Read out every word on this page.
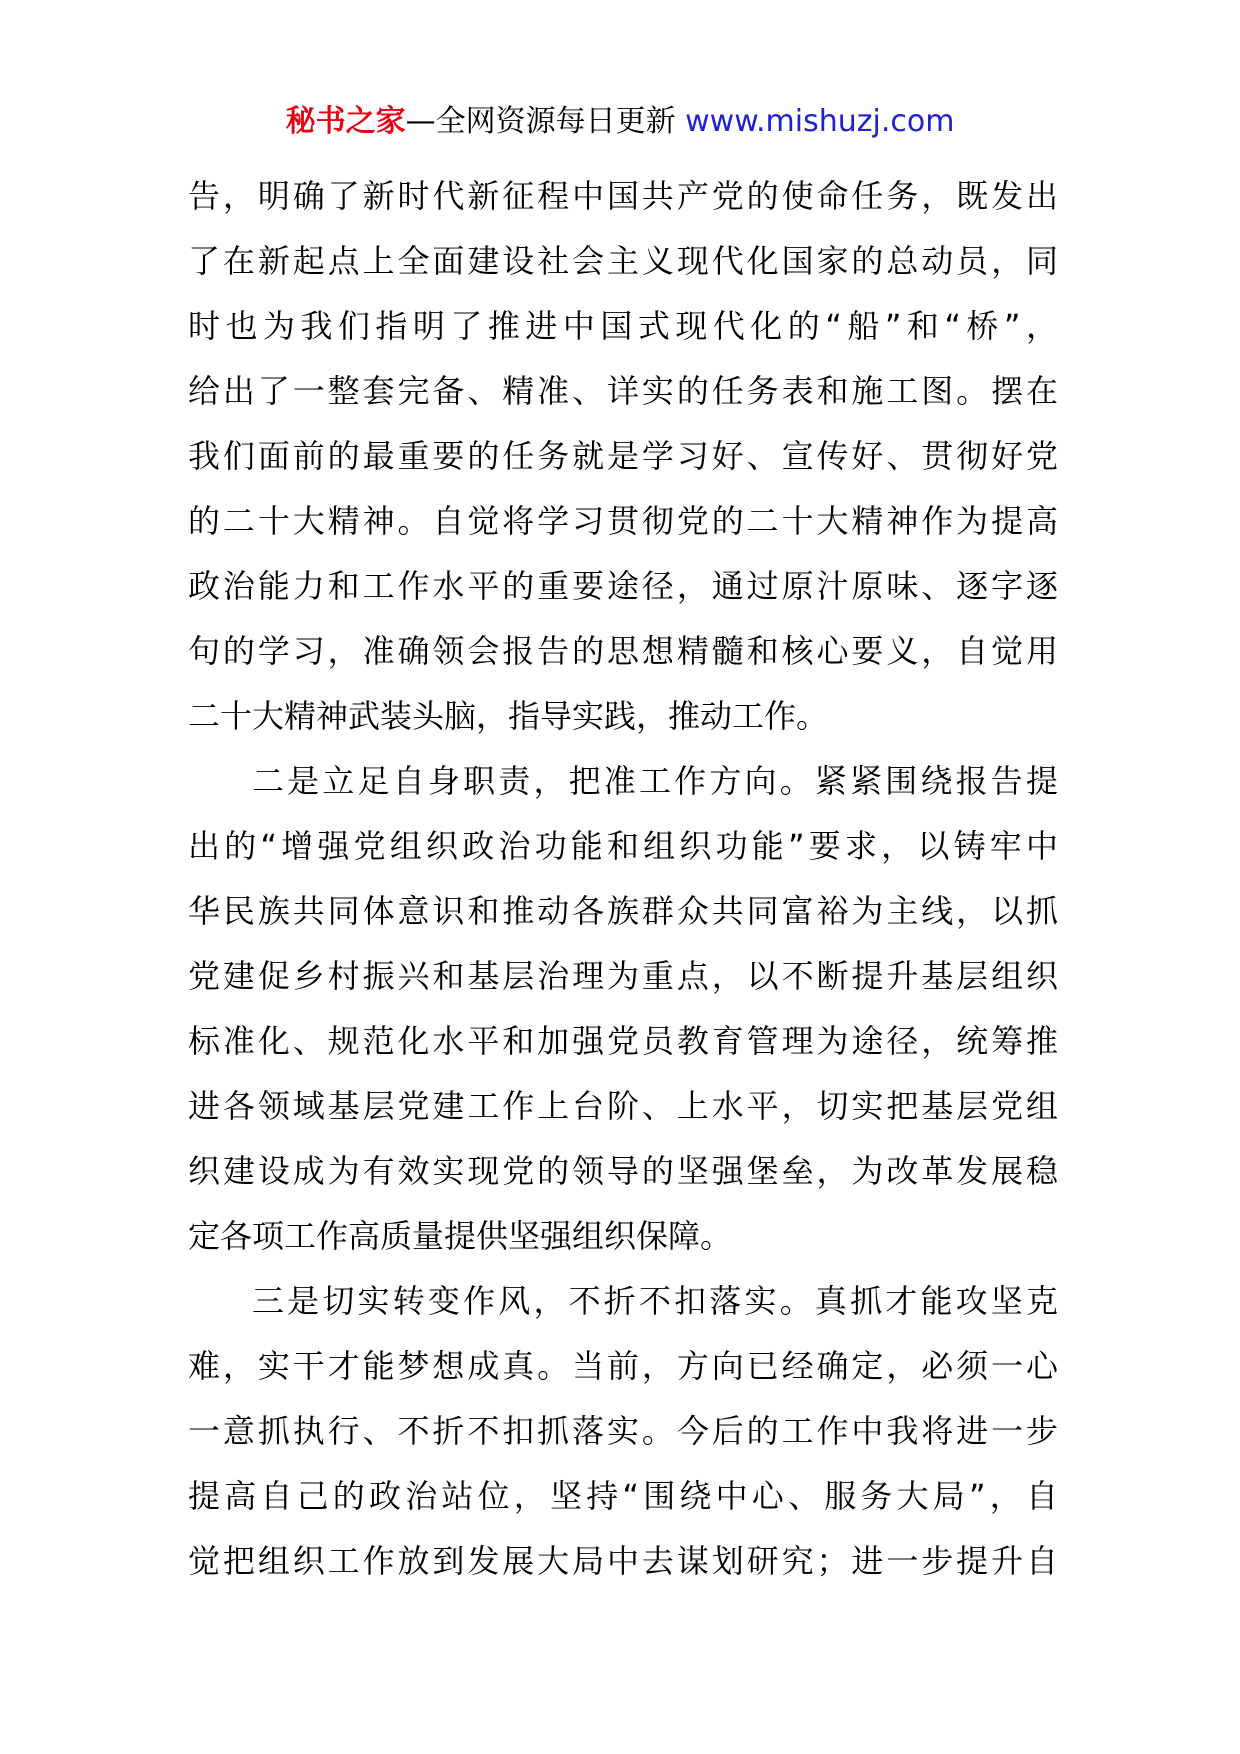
秘书之家—全网资源每日更新 www.mishuzj.com
告，明确了新时代新征程中国共产党的使命任务，既发出
了在新起点上全面建设社会主义现代化国家的总动员，同
时也为我们指明了推进中国式现代化的“船”和“桥”，
给出了一整套完备、精准、详实的任务表和施工图。摆在
我们面前的最重要的任务就是学习好、宣传好、贯彻好党
的二十大精神。自觉将学习贯彻党的二十大精神作为提高
政治能力和工作水平的重要途径，通过原汁原味、逐字逐
句的学习，准确领会报告的思想精髓和核心要义，自觉用
二十大精神武装头脑，指导实践，推动工作。
二是立足自身职责，把准工作方向。紧紧围绕报告提
出的“增强党组织政治功能和组织功能”要求，以铸牢中
华民族共同体意识和推动各族群众共同富裕为主线，以抓
党建促乡村振兴和基层治理为重点，以不断提升基层组织
标准化、规范化水平和加强党员教育管理为途径，统筹推
进各领域基层党建工作上台阶、上水平，切实把基层党组
织建设成为有效实现党的领导的坚强堡垒，为改革发展稳
定各项工作高质量提供坚强组织保障。
三是切实转变作风，不折不扣落实。真抓才能攻坚克
难，实干才能梦想成真。当前，方向已经确定，必须一心
一意抓执行、不折不扣抓落实。今后的工作中我将进一步
提高自己的政治站位，坚持“围绕中心、服务大局”，自
觉把组织工作放到发展大局中去谋划研究；进一步提升自
